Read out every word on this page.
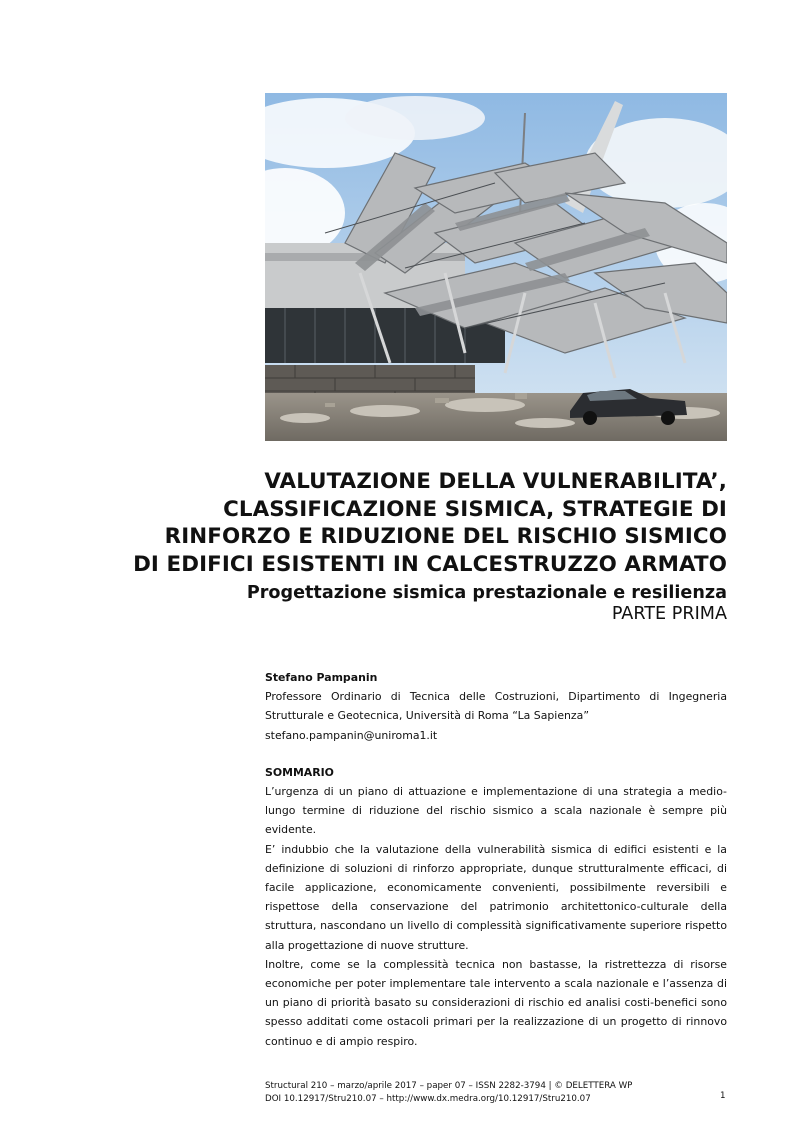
VALUTAZIONE DELLA VULNERABILITA’,
CLASSIFICAZIONE SISMICA, STRATEGIE DI
RINFORZO E RIDUZIONE DEL RISCHIO SISMICO
DI EDIFICI ESISTENTI IN CALCESTRUZZO ARMATO

Progettazione sismica prestazionale e resilienza

PARTE PRIMA

Stefano Pampanin

Professore Ordinario di Tecnica delle Costruzioni, Dipartimento di Ingegneria Strutturale e Geotecnica, Università di Roma “La Sapienza”

stefano.pampanin@uniroma1.it

SOMMARIO

L’urgenza di un piano di attuazione e implementazione di una strategia a medio-lungo termine di riduzione del rischio sismico a scala nazionale è sempre più evidente.

E’ indubbio che la valutazione della vulnerabilità sismica di edifici esistenti e la definizione di soluzioni di rinforzo appropriate, dunque strutturalmente efficaci, di facile applicazione, economicamente convenienti, possibilmente reversibili e rispettose della conservazione del patrimonio architettonico-culturale della struttura, nascondano un livello di complessità significativamente superiore rispetto alla progettazione di nuove strutture.

Inoltre, come se la complessità tecnica non bastasse, la ristrettezza di risorse economiche per poter implementare tale intervento a scala nazionale e l’assenza di un piano di priorità basato su considerazioni di rischio ed analisi costi-benefici sono spesso additati come ostacoli primari per la realizzazione di un progetto di rinnovo continuo e di ampio respiro.

Structural 210 – marzo/aprile 2017 – paper 07 – ISSN 2282-3794 | © DELETTERA WP

DOI 10.12917/Stru210.07 – http://www.dx.medra.org/10.12917/Stru210.07	1
